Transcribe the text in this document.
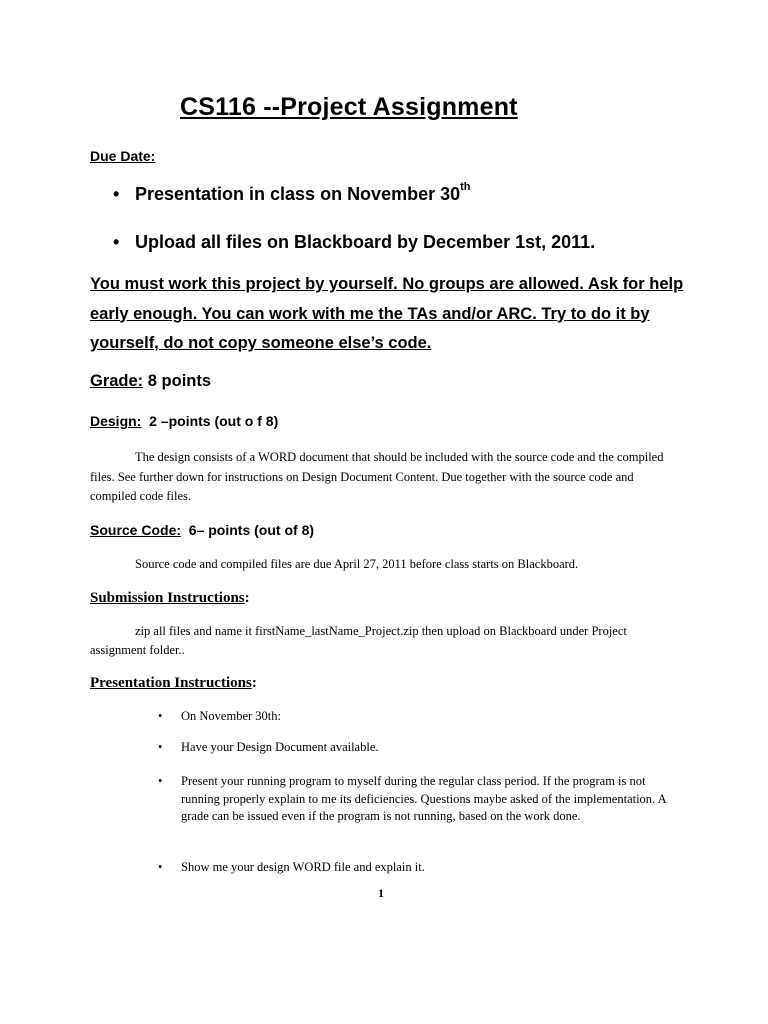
CS116 --Project Assignment
Due Date:
• Presentation in class on November 30th
• Upload all files on Blackboard by December 1st, 2011.
You must work this project by yourself. No groups are allowed. Ask for help early enough. You can work with me the TAs and/or ARC. Try to do it by yourself, do not copy someone else’s code.
Grade: 8 points
Design: 2 –points (out o f 8)
The design consists of a WORD document that should be included with the source code and the compiled files. See further down for instructions on Design Document Content. Due together with the source code and compiled code files.
Source Code: 6– points (out of 8)
Source code and compiled files are due April 27, 2011 before class starts on Blackboard.
Submission Instructions:
zip all files and name it firstName_lastName_Project.zip then upload on Blackboard under Project assignment folder..
Presentation Instructions:
• On November 30th:
• Have your Design Document available.
• Present your running program to myself during the regular class period. If the program is not running properly explain to me its deficiencies. Questions maybe asked of the implementation. A grade can be issued even if the program is not running, based on the work done.
• Show me your design WORD file and explain it.
1
